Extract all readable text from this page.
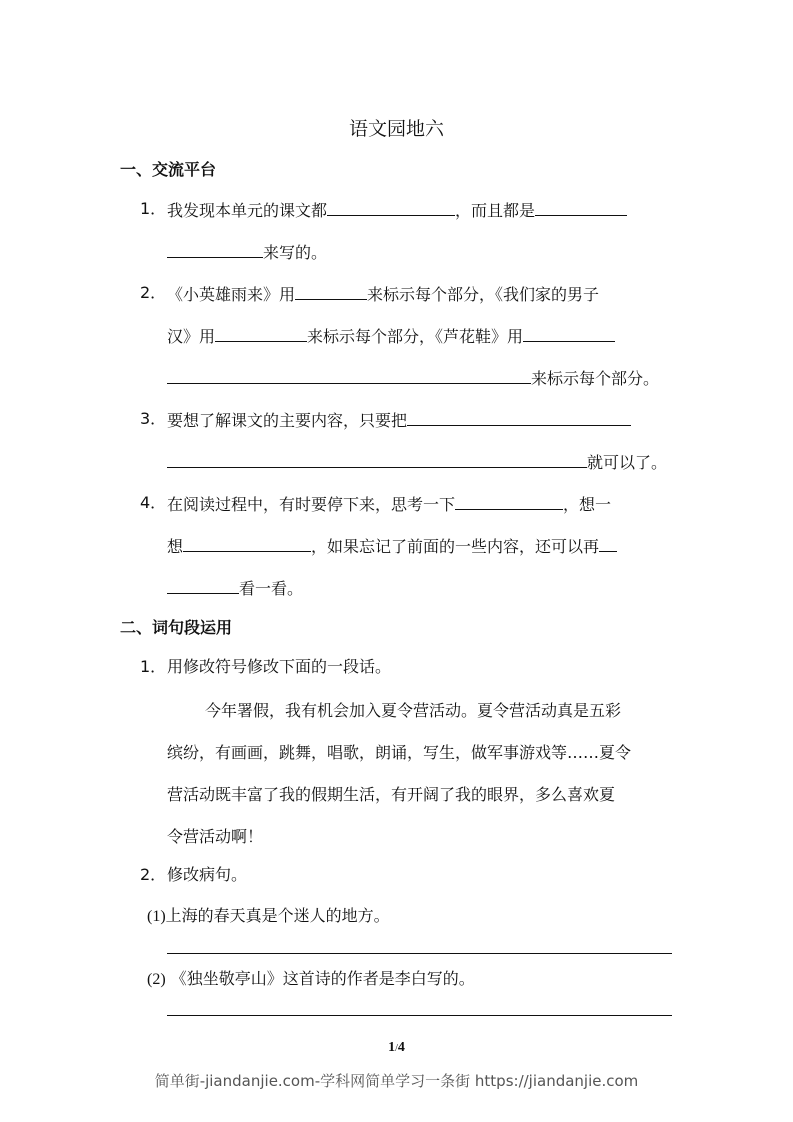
语文园地六
一、交流平台
1． 我发现本单元的课文都	，而且都是
来写的。
2． 《小英雄雨来》用	来标示每个部分，《我们家的男子
汉》用	来标示每个部分，《芦花鞋》用
来标示每个部分。
3． 要想了解课文的主要内容，只要把
就可以了。
4． 在阅读过程中，有时要停下来，思考一下	，想一
想	，如果忘记了前面的一些内容，还可以再
看一看。
二、词句段运用
1． 用修改符号修改下面的一段话。
今年署假，我有机会加入夏令营活动。夏令营活动真是五彩
缤纷，有画画，跳舞，唱歌，朗诵，写生，做军事游戏等……夏令
营活动既丰富了我的假期生活，有开阔了我的眼界，多么喜欢夏
令营活动啊！
2． 修改病句。
(1)上海的春天真是个迷人的地方。
(2) 《独坐敬亭山》这首诗的作者是李白写的。
1/4
简单街-jiandanjie.com-学科网简单学习一条街 https://jiandanjie.com
